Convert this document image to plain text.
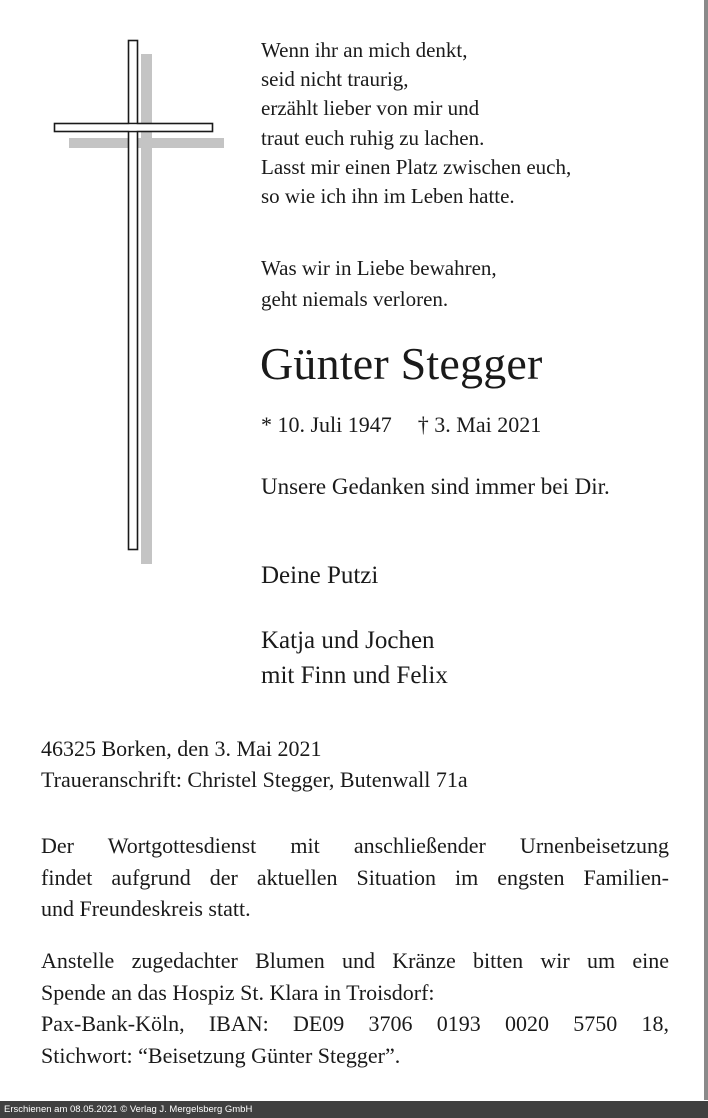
Wenn ihr an mich denkt,
seid nicht traurig,
erzählt lieber von mir und
traut euch ruhig zu lachen.
Lasst mir einen Platz zwischen euch,
so wie ich ihn im Leben hatte.
Was wir in Liebe bewahren,
geht niemals verloren.
Günter Stegger
* 10. Juli 1947 † 3. Mai 2021
Unsere Gedanken sind immer bei Dir.
Deine Putzi
Katja und Jochen
mit Finn und Felix
46325 Borken, den 3. Mai 2021
Traueranschrift: Christel Stegger, Butenwall 71a
Der Wortgottesdienst mit anschließender Urnenbeisetzung
findet aufgrund der aktuellen Situation im engsten Familien-
und Freundeskreis statt.
Anstelle zugedachter Blumen und Kränze bitten wir um eine
Spende an das Hospiz St. Klara in Troisdorf:
Pax-Bank-Köln, IBAN: DE09 3706 0193 0020 5750 18,
Stichwort: “Beisetzung Günter Stegger”.
Erschienen am 08.05.2021 © Verlag J. Mergelsberg GmbH
